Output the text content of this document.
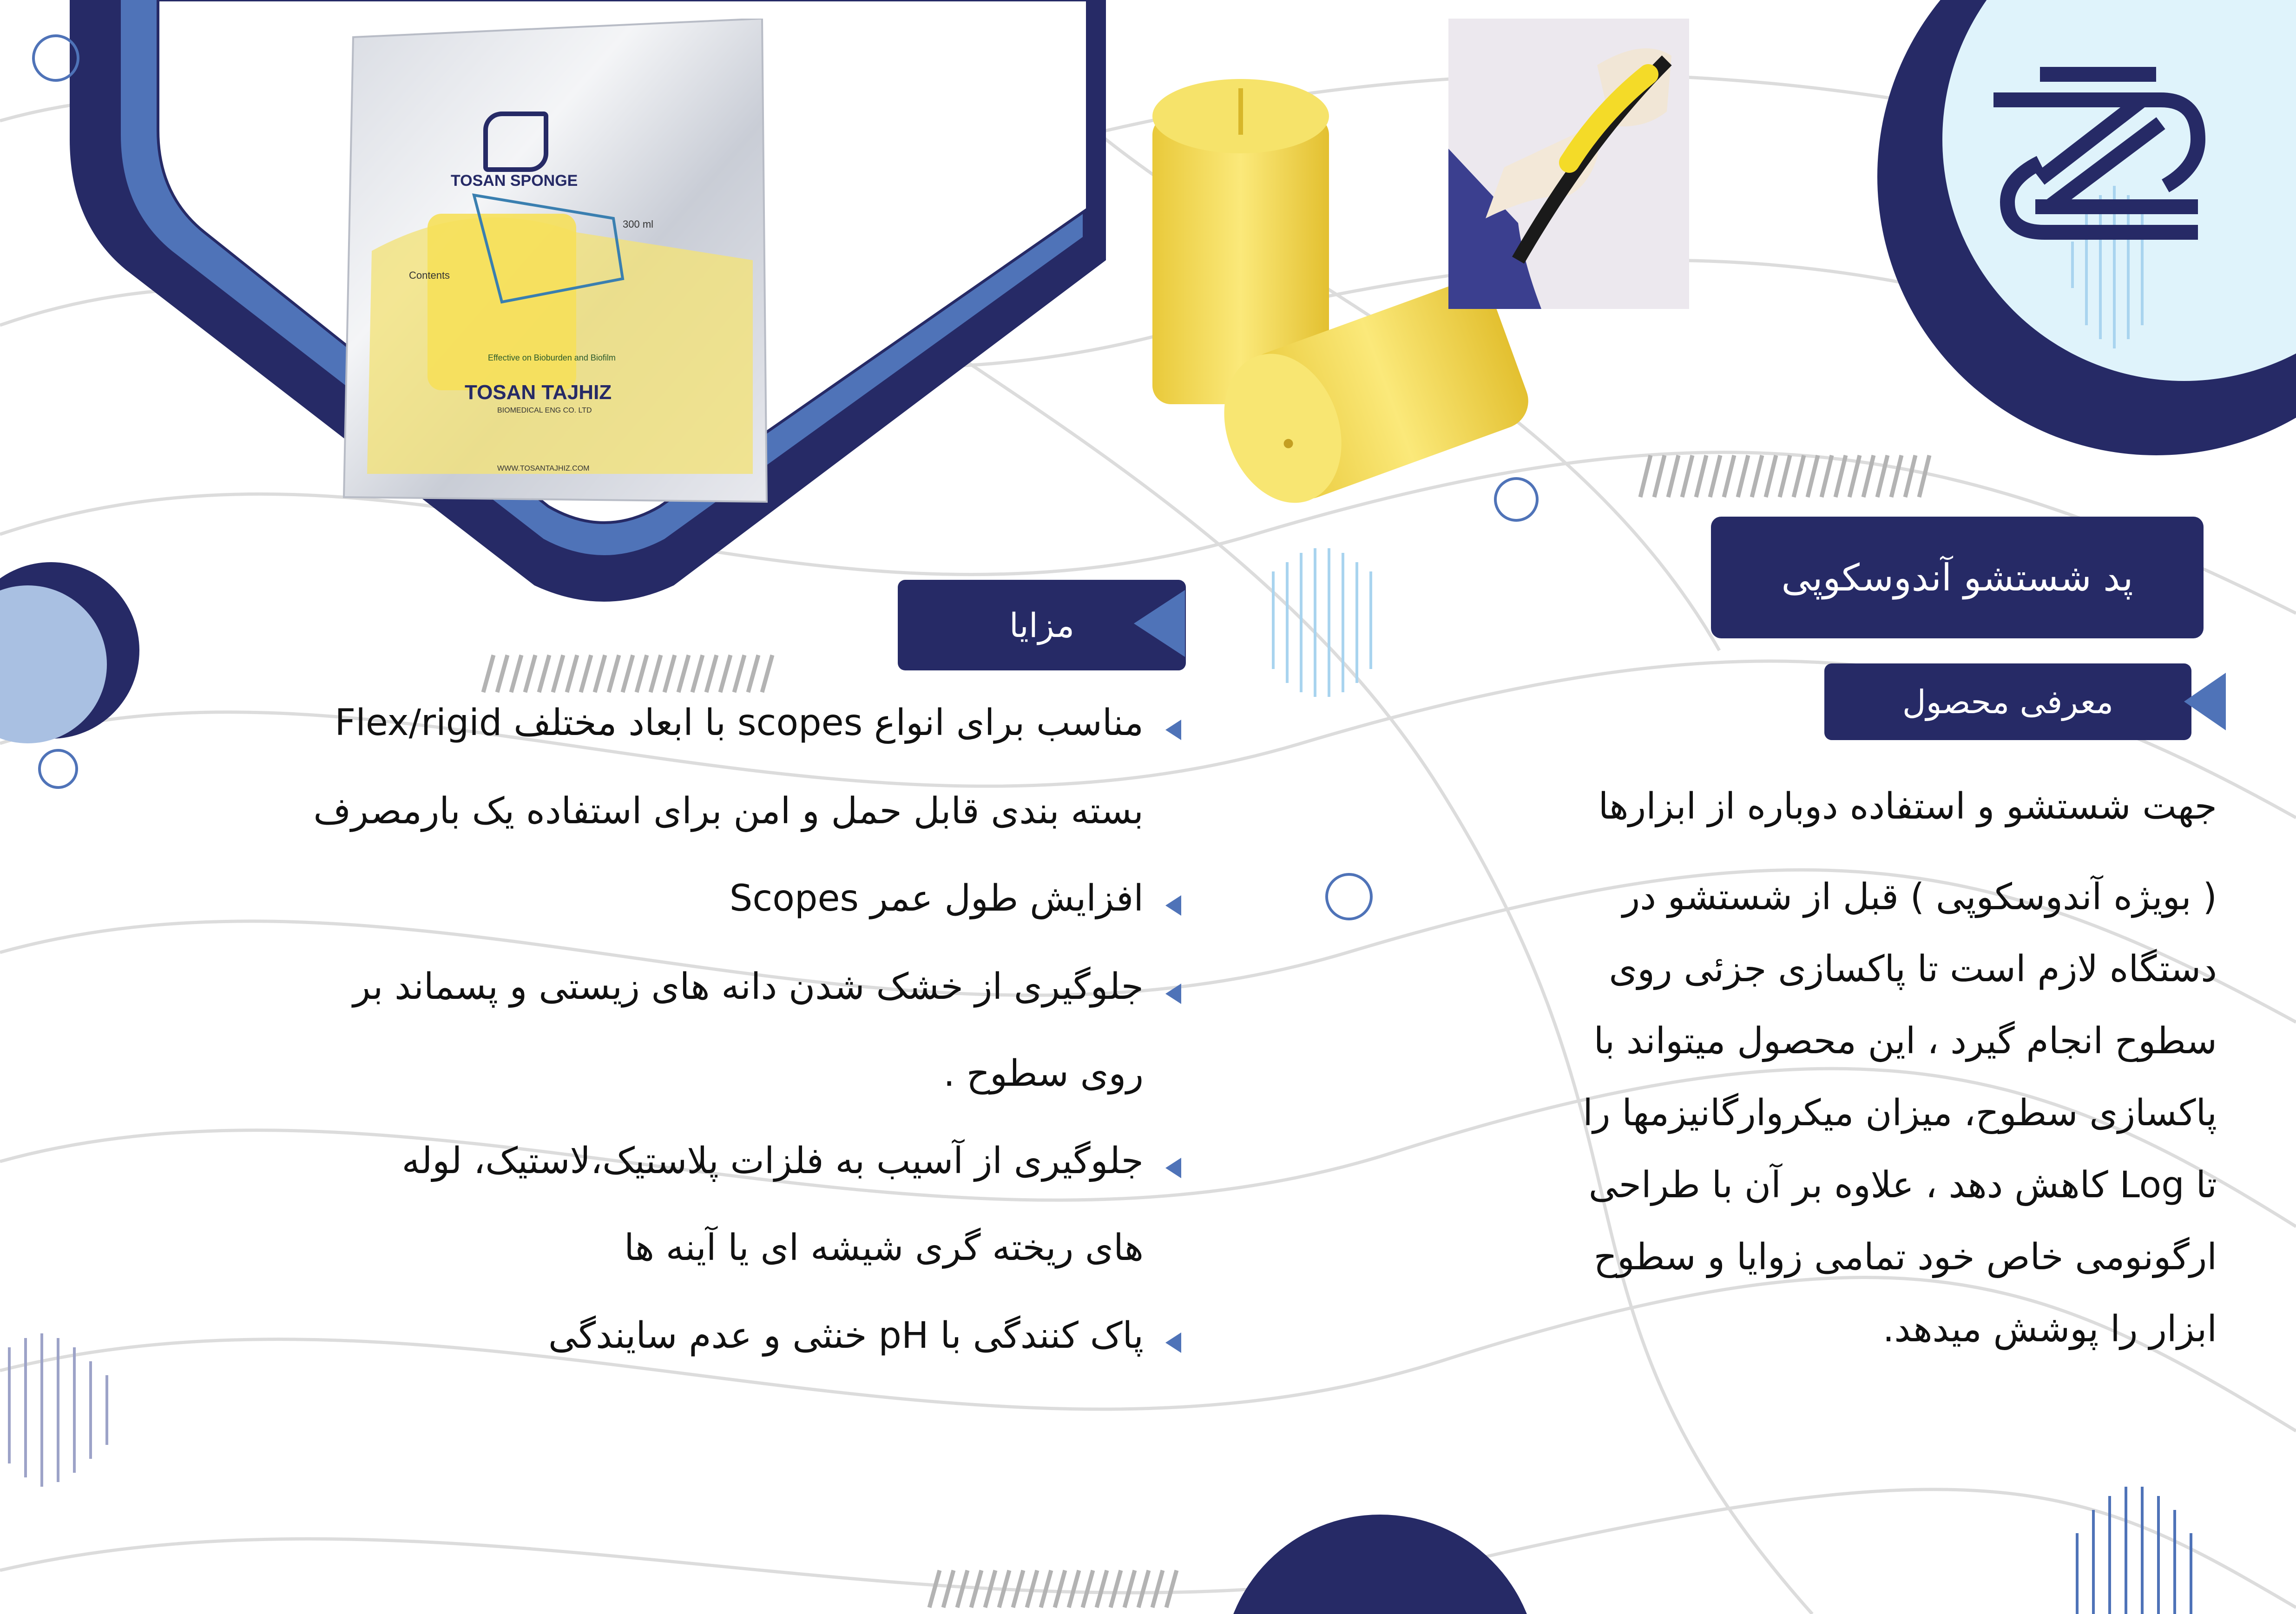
TOSAN SPONGE
300 ml
Contents
Effective on Bioburden and Biofilm
TOSAN TAJHIZ
BIOMEDICAL ENG CO. LTD
WWW.TOSANTAJHIZ.COM
پد شستشو آندوسکوپی
معرفی محصول
مزایا
جهت شستشو و استفاده دوباره از ابزارها
( بویژه آندوسکوپی ) قبل از شستشو در
دستگاه لازم است تا پاکسازی جزئی روی
سطوح انجام گیرد ، این محصول میتواند با
پاکسازی سطوح، میزان میکروارگانیزمها را
تا Log کاهش دهد ، علاوه بر آن با طراحی
ارگونومی خاص خود تمامی زوایا و سطوح
ابزار را پوشش میدهد.
مناسب برای انواع scopes با ابعاد مختلف Flex/rigid
بسته بندی قابل حمل و امن برای استفاده یک بارمصرف
افزایش طول عمر Scopes
جلوگیری از خشک شدن دانه های زیستی و پسماند بر
روی سطوح .
جلوگیری از آسیب به فلزات پلاستیک،لاستیک، لوله
های ریخته گری شیشه ای یا آینه ها
پاک کنندگی با pH خنثی و عدم سایندگی
